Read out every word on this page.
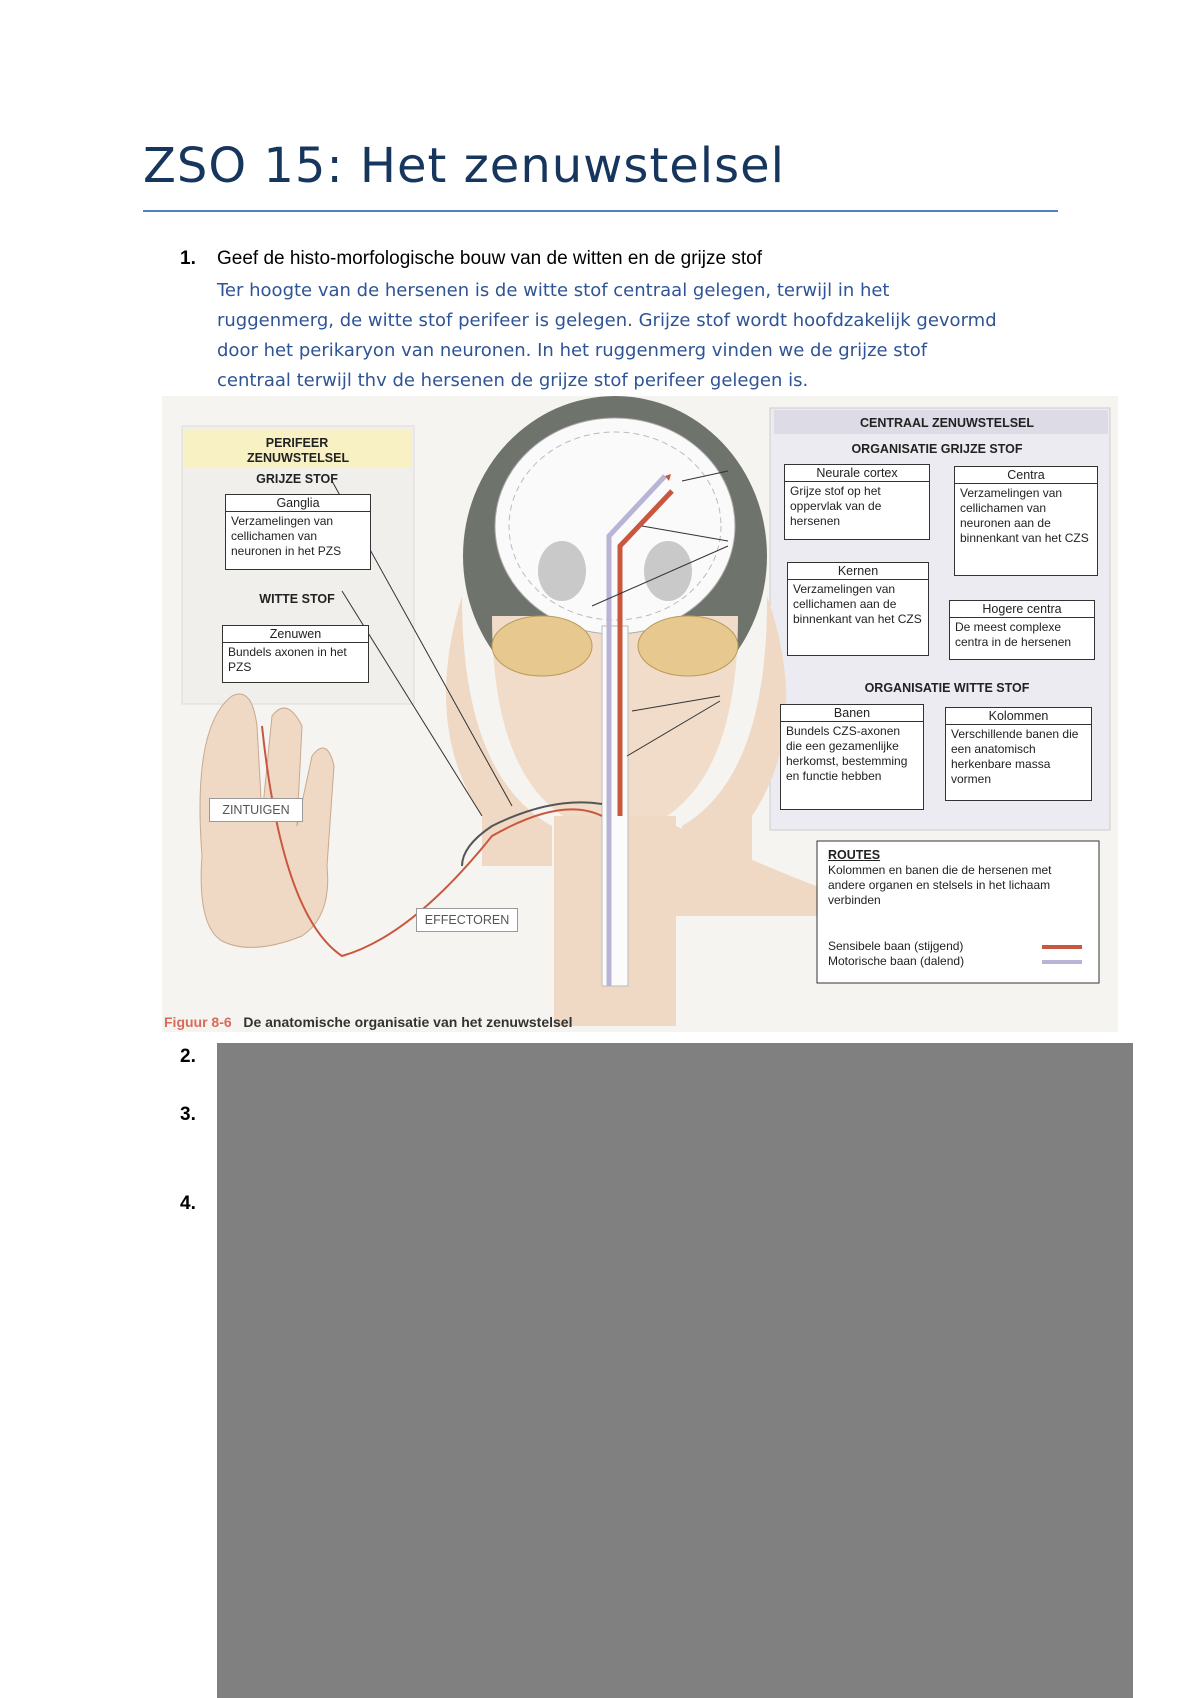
ZSO 15: Het zenuwstelsel
1. Geef de histo-morfologische bouw van de witten en de grijze stof
Ter hoogte van de hersenen is de witte stof centraal gelegen, terwijl in het
ruggenmerg, de witte stof perifeer is gelegen. Grijze stof wordt hoofdzakelijk gevormd
door het perikaryon van neuronen. In het ruggenmerg vinden we de grijze stof
centraal terwijl thv de hersenen de grijze stof perifeer gelegen is.
PERIFEER
ZENUWSTELSEL
GRIJZE STOF
Ganglia
Verzamelingen van cellichamen van neuronen in het PZS
WITTE STOF
Zenuwen
Bundels axonen in het PZS
CENTRAAL ZENUWSTELSEL
ORGANISATIE GRIJZE STOF
Neurale cortex
Grijze stof op het oppervlak van de hersenen
Centra
Verzamelingen van cellichamen van neuronen aan de binnenkant van het CZS
Kernen
Verzamelingen van cellichamen aan de binnenkant van het CZS
Hogere centra
De meest complexe centra in de hersenen
ORGANISATIE WITTE STOF
Banen
Bundels CZS-axonen die een gezamenlijke herkomst, bestemming en functie hebben
Kolommen
Verschillende banen die een anatomisch herkenbare massa vormen
ROUTES
Kolommen en banen die de hersenen met andere organen en stelsels in het lichaam verbinden
Sensibele baan (stijgend)
Motorische baan (dalend)
ZINTUIGEN
EFFECTOREN
Figuur 8-6 De anatomische organisatie van het zenuwstelsel
2.
3.
4.
